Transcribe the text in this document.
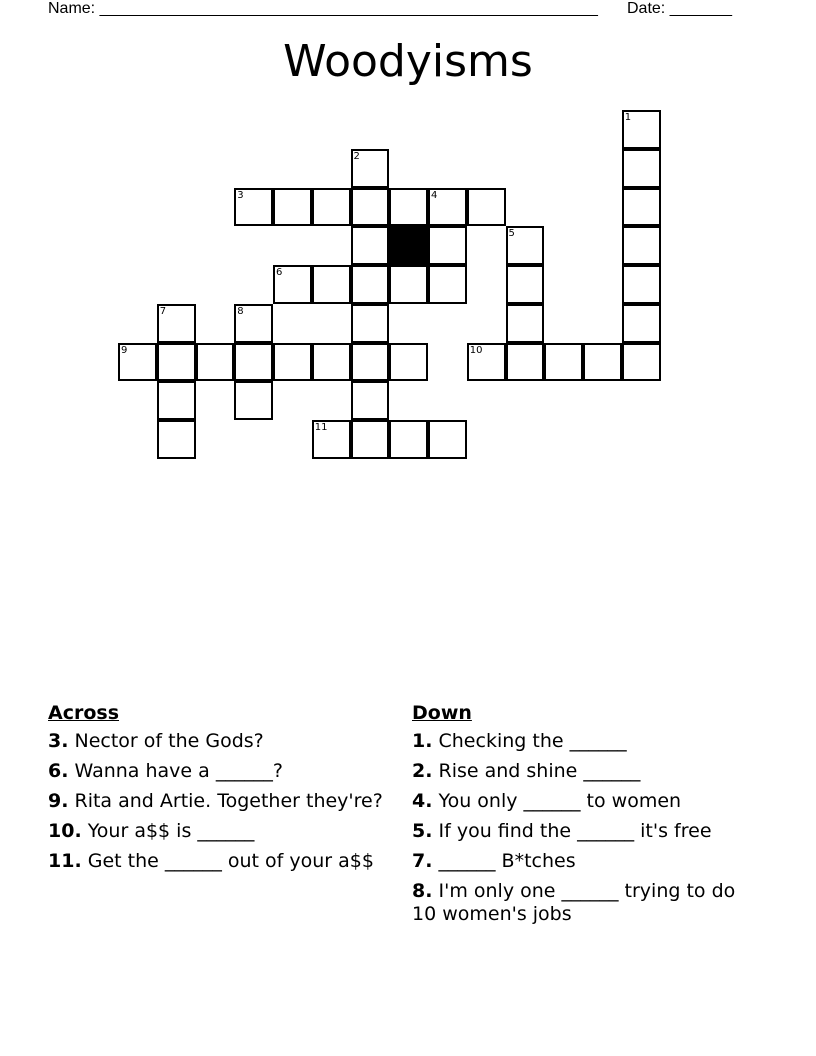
Name: ________________________________________________________ Date: _______
Woodyisms
1
2
3	4
5
6
7	8
9	10
11
Across
3. Nector of the Gods?
6. Wanna have a ______?
9. Rita and Artie. Together they're?
10. Your a$$ is ______
11. Get the ______ out of your a$$
Down
1. Checking the ______
2. Rise and shine ______
4. You only ______ to women
5. If you find the ______ it's free
7. ______ B*tches
8. I'm only one ______ trying to do 10 women's jobs
